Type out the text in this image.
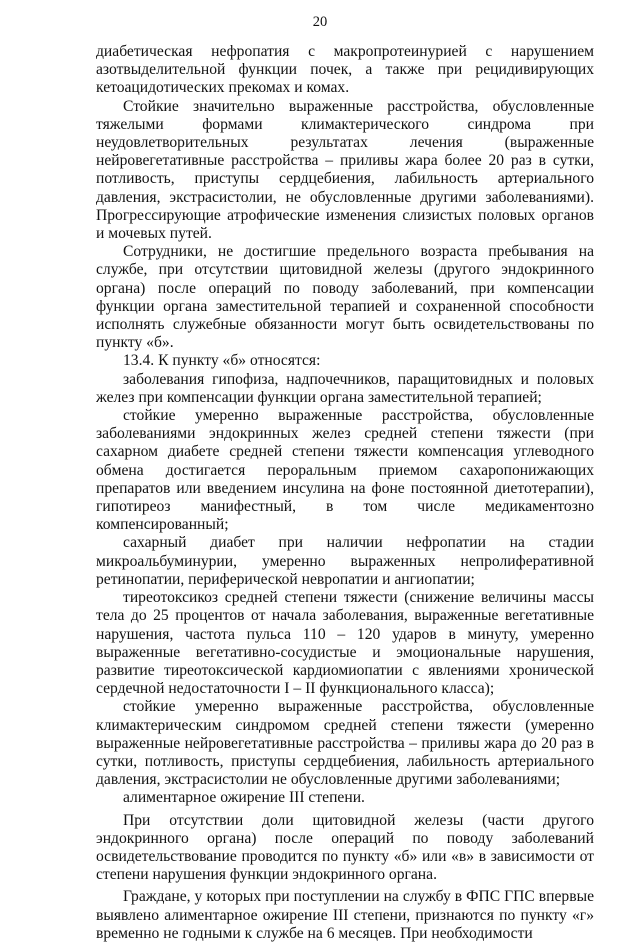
20

диабетическая нефропатия с макропротеинурией с нарушением азотвыделительной функции почек, а также при рецидивирующих кетоацидотических прекомах и комах.

Стойкие значительно выраженные расстройства, обусловленные тяжелыми формами климактерического синдрома при неудовлетворительных результатах лечения (выраженные нейровегетативные расстройства – приливы жара более 20 раз в сутки, потливость, приступы сердцебиения, лабильность артериального давления, экстрасистолии, не обусловленные другими заболеваниями). Прогрессирующие атрофические изменения слизистых половых органов и мочевых путей.

Сотрудники, не достигшие предельного возраста пребывания на службе, при отсутствии щитовидной железы (другого эндокринного органа) после операций по поводу заболеваний, при компенсации функции органа заместительной терапией и сохраненной способности исполнять служебные обязанности могут быть освидетельствованы по пункту «б».

13.4. К пункту «б» относятся:

заболевания гипофиза, надпочечников, паращитовидных и половых желез при компенсации функции органа заместительной терапией;

стойкие умеренно выраженные расстройства, обусловленные заболеваниями эндокринных желез средней степени тяжести (при сахарном диабете средней степени тяжести компенсация углеводного обмена достигается пероральным приемом сахаропонижающих препаратов или введением инсулина на фоне постоянной диетотерапии), гипотиреоз манифестный, в том числе медикаментозно компенсированный;

сахарный диабет при наличии нефропатии на стадии микроальбуминурии, умеренно выраженных непролиферативной ретинопатии, периферической невропатии и ангиопатии;

тиреотоксикоз средней степени тяжести (снижение величины массы тела до 25 процентов от начала заболевания, выраженные вегетативные нарушения, частота пульса 110 – 120 ударов в минуту, умеренно выраженные вегетативно-сосудистые и эмоциональные нарушения, развитие тиреотоксической кардиомиопатии с явлениями хронической сердечной недостаточности I – II функционального класса);

стойкие умеренно выраженные расстройства, обусловленные климактерическим синдромом средней степени тяжести (умеренно выраженные нейровегетативные расстройства – приливы жара до 20 раз в сутки, потливость, приступы сердцебиения, лабильность артериального давления, экстрасистолии не обусловленные другими заболеваниями;

алиментарное ожирение III степени.

При отсутствии доли щитовидной железы (части другого эндокринного органа) после операций по поводу заболеваний освидетельствование проводится по пункту «б» или «в» в зависимости от степени нарушения функции эндокринного органа.

Граждане, у которых при поступлении на службу в ФПС ГПС впервые выявлено алиментарное ожирение III степени, признаются по пункту «г» временно не годными к службе на 6 месяцев. При необходимости
